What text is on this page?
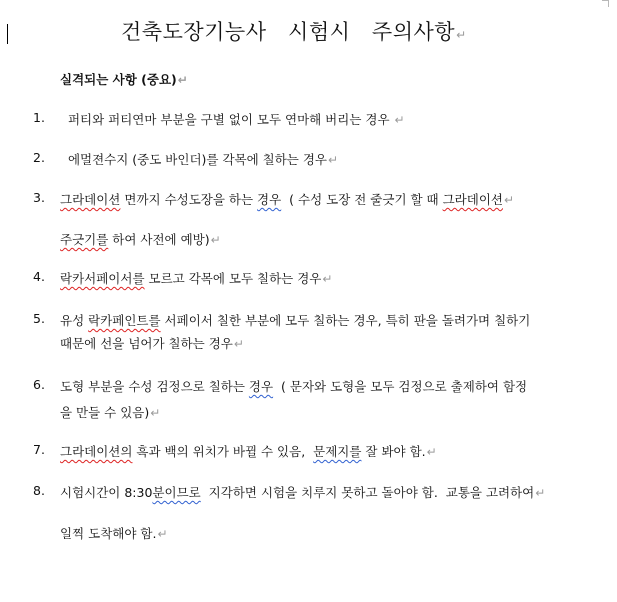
건축도장기능사   시험시   주의사항↵
실격되는 사항 (중요)↵
1. 퍼티와 퍼티연마 부분을 구별 없이 모두 연마해 버리는 경우 ↵
2. 에멀젼수지 (중도 바인더)를 각목에 칠하는 경우↵
3. 그라데이션 면까지 수성도장을 하는 경우  ( 수성 도장 전 줄긋기 할 때 그라데이션↵
주긋기를 하여 사전에 예방)↵
4. 락카서페이서를 모르고 각목에 모두 칠하는 경우↵
5. 유성 락카페인트를 서페이서 칠한 부분에 모두 칠하는 경우, 특히 판을 돌려가며 칠하기
때문에 선을 넘어가 칠하는 경우↵
6. 도형 부분을 수성 검정으로 칠하는 경우  ( 문자와 도형을 모두 검정으로 출제하여 함정
을 만들 수 있음)↵
7. 그라데이션의 흑과 백의 위치가 바뀔 수 있음,  문제지를 잘 봐야 함.↵
8. 시험시간이 8:30분이므로  지각하면 시험을 치루지 못하고 돌아야 함.  교통을 고려하여↵
일찍 도착해야 함.↵
